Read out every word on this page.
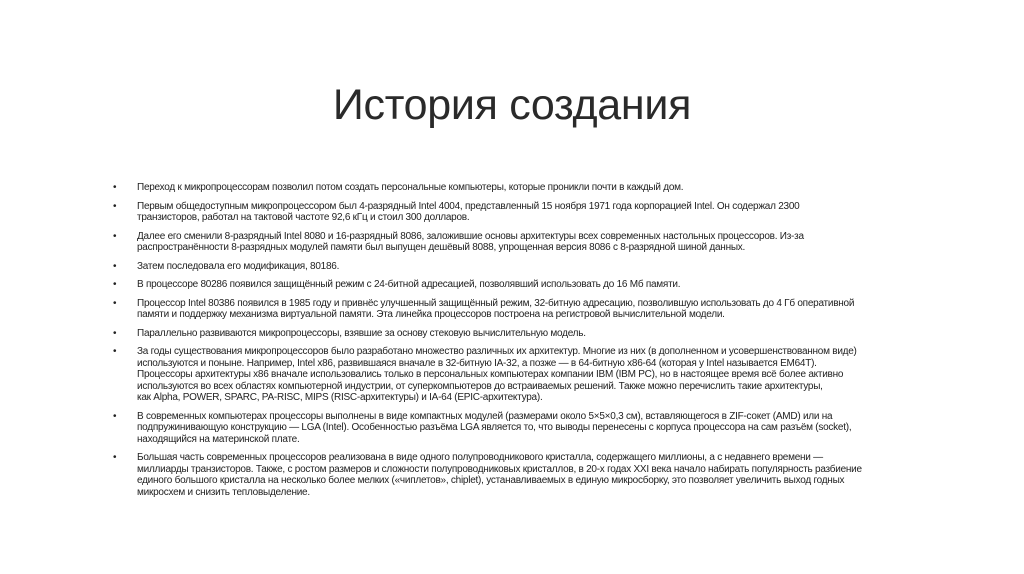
История создания
• Переход к микропроцессорам позволил потом создать персональные компьютеры, которые проникли почти в каждый дом.
• Первым общедоступным микропроцессором был 4-разрядный Intel 4004, представленный 15 ноября 1971 года корпорацией Intel. Он содержал 2300
транзисторов, работал на тактовой частоте 92,6 кГц и стоил 300 долларов.
• Далее его сменили 8-разрядный Intel 8080 и 16-разрядный 8086, заложившие основы архитектуры всех современных настольных процессоров. Из-за
распространённости 8-разрядных модулей памяти был выпущен дешёвый 8088, упрощенная версия 8086 с 8-разрядной шиной данных.
• Затем последовала его модификация, 80186.
• В процессоре 80286 появился защищённый режим с 24-битной адресацией, позволявший использовать до 16 Мб памяти.
• Процессор Intel 80386 появился в 1985 году и привнёс улучшенный защищённый режим, 32-битную адресацию, позволившую использовать до 4 Гб оперативной
памяти и поддержку механизма виртуальной памяти. Эта линейка процессоров построена на регистровой вычислительной модели.
• Параллельно развиваются микропроцессоры, взявшие за основу стековую вычислительную модель.
• За годы существования микропроцессоров было разработано множество различных их архитектур. Многие из них (в дополненном и усовершенствованном виде)
используются и поныне. Например, Intel x86, развившаяся вначале в 32-битную IA-32, а позже — в 64-битную x86-64 (которая у Intel называется EM64T).
Процессоры архитектуры x86 вначале использовались только в персональных компьютерах компании IBM (IBM PC), но в настоящее время всё более активно
используются во всех областях компьютерной индустрии, от суперкомпьютеров до встраиваемых решений. Также можно перечислить такие архитектуры,
как Alpha, POWER, SPARC, PA-RISC, MIPS (RISC-архитектуры) и IA-64 (EPIC-архитектура).
• В современных компьютерах процессоры выполнены в виде компактных модулей (размерами около 5×5×0,3 см), вставляющегося в ZIF-сокет (AMD) или на
подпружинивающую конструкцию — LGA (Intel). Особенностью разъёма LGA является то, что выводы перенесены с корпуса процессора на сам разъём (socket),
находящийся на материнской плате.
• Большая часть современных процессоров реализована в виде одного полупроводникового кристалла, содержащего миллионы, а с недавнего времени —
миллиарды транзисторов. Также, с ростом размеров и сложности полупроводниковых кристаллов, в 20-х годах XXI века начало набирать популярность разбиение
единого большого кристалла на несколько более мелких («чиплетов», chiplet), устанавливаемых в единую микросборку, это позволяет увеличить выход годных
микросхем и снизить тепловыделение.
